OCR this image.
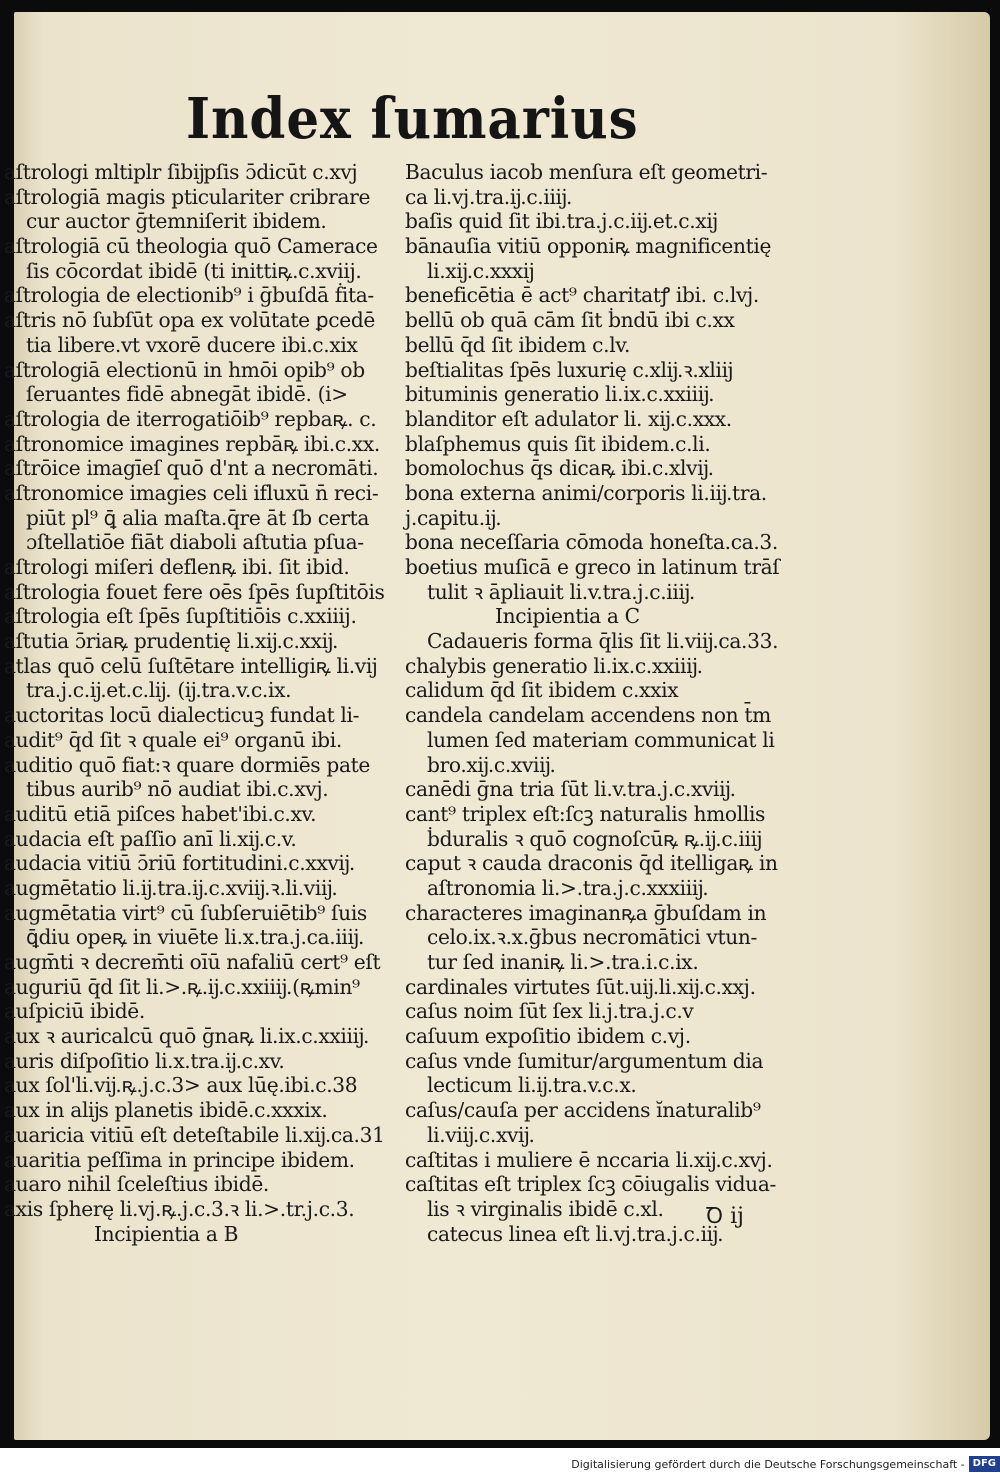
Index ſumarius
aſtrologi mltiplr ſibĳpſis ɔ̄dicūt c.xvj
aſtrologiā magis pticulariter cribrare
cur auctor ḡtemniſerit ibidem.
aſtrologiā cū theologia quō Camerace
ſis cōcordat ibidē (ti inittiꝶ.c.xviij.
aſtrologia de electionib⁹ i ḡbuſdā ḟita-
aſtris nō ſubſūt opa ex volūtate ꝑcedē
tia libere.vt vxorē ducere ibi.c.xix
aſtrologiā electionū in hmōi opib⁹ ob
ſeruantes fidē abnegāt ibidē. (i>
aſtrologia de iterrogatiōib⁹ repbaꝶ. c.
aſtronomice imagines repbāꝶ ibi.c.xx.
aſtrōice imagīeſ quō d'nt a necromāti.
aſtronomice imagies celi ifluxū n̄ reci-
piūt pl⁹ ꝗ̄ alia maſta.q̄re āt ſb certa
ɔſtellatiōe fiāt diaboli aſtutia pſua-
aſtrologi miſeri deflenꝶ ibi. ſit ibid.
aſtrologia fouet fere oēs ſpēs ſupſtitōis
aſtrologia eſt ſpēs ſupſtitiōis c.xxiiij.
aſtutia ɔ̄riaꝶ prudentię li.xĳ.c.xxĳ.
atlas quō celū ſuſtētare intelligiꝶ li.vĳ
tra.j.c.ĳ.et.c.lĳ. (ĳ.tra.v.c.ix.
auctoritas locū dialecticuꝫ fundat li-
audit⁹ q̄d ſit ꝛ quale ei⁹ organū ibi.
auditio quō fiat:ꝛ quare dormiēs pate
tibus aurib⁹ nō audiat ibi.c.xvj.
auditū etiā piſces habet'ibi.c.xv.
audacia eſt paſſio anī li.xĳ.c.v.
audacia vitiū ɔ̄riū fortitudini.c.xxvĳ.
augmētatio li.ĳ.tra.ĳ.c.xviĳ.ꝛ.li.viĳ.
augmētatia virt⁹ cū ſubſeruiētib⁹ ſuis
ꝗ̄diu opeꝶ in viuēte li.x.tra.j.ca.iiĳ.
augm̄ti ꝛ decrem̄ti oīū nafaliū cert⁹ eſt
auguriū q̄d ſit li.>.ꝶ.ĳ.c.xxiiĳ.(ꝶmin⁹
auſpiciū ibidē.
aux ꝛ auricalcū quō ḡnaꝶ li.ix.c.xxiiĳ.
auris diſpoſitio li.x.tra.ĳ.c.xv.
aux ſol'li.vĳ.ꝶ.j.c.3> aux lūę.ibi.c.38
aux in alĳs planetis ibidē.c.xxxix.
auaricia vitiū eſt deteſtabile li.xĳ.ca.31
auaritia peſſima in principe ibidem.
auaro nihil ſceleſtius ibidē.
axis ſpherę li.vj.ꝶ.j.c.3.ꝛ li.>.tr.j.c.3.
Incipientia a B
Baculus iacob menſura eſt geometri-
ca li.vj.tra.ĳ.c.iiĳ.
baſis quid ſit ibi.tra.j.c.iĳ.et.c.xĳ
bānauſia vitiū opponiꝶ magnificentię
li.xĳ.c.xxxĳ
beneficētia ē act⁹ charitatꝭ ibi. c.lvj.
bellū ob quā cām ſit ḃndū ibi c.xx
bellū q̄d ſit ibidem c.lv.
beſtialitas ſpēs luxurię c.xlĳ.ꝛ.xliĳ
bituminis generatio li.ix.c.xxiiĳ.
blanditor eſt adulator li. xĳ.c.xxx.
blaſphemus quis ſit ibidem.c.li.
bomolochus q̄s dicaꝶ ibi.c.xlvĳ.
bona externa animi/corporis li.iĳ.tra.
j.capitu.ĳ.
bona neceſſaria cōmoda honeſta.ca.3.
boetius muſicā e greco in latinum trāſ
tulit ꝛ āpliauit li.v.tra.j.c.iiĳ.
Incipientia a C
Cadaueris forma q̄lis ſit li.viĳ.ca.33.
chalybis generatio li.ix.c.xxiiĳ.
calidum q̄d ſit ibidem c.xxix
candela candelam accendens non t̄m
lumen ſed materiam communicat li
bro.xĳ.c.xviĳ.
canēdi ḡna tria ſūt li.v.tra.j.c.xviĳ.
cant⁹ triplex eſt:ſcꝫ naturalis hmollis
ḃduralis ꝛ quō cognoſcūꝶ ꝶ.ĳ.c.iiĳ
caput ꝛ cauda draconis q̄d itelligaꝶ in
aſtronomia li.>.tra.j.c.xxxiiĳ.
characteres imaginanꝶa ḡbuſdam in
celo.ix.ꝛ.x.ḡbus necromātici vtun-
tur ſed inaniꝶ li.>.tra.i.c.ix.
cardinales virtutes ſūt.uĳ.li.xĳ.c.xxj.
caſus noim ſūt ſex li.j.tra.j.c.v
caſuum expoſitio ibidem c.vj.
caſus vnde ſumitur/argumentum dia
lecticum li.ĳ.tra.v.c.x.
caſus/cauſa per accidens ĭnaturalib⁹
li.viĳ.c.xvĳ.
caſtitas i muliere ē nccaria li.xĳ.c.xvj.
caſtitas eſt triplex ſcꝫ cōiugalis vidua-
lis ꝛ virginalis ibidē c.xl.
catecus linea eſt li.vj.tra.j.c.iĳ.
Ꝺ ij
Digitalisierung gefördert durch die Deutsche Forschungsgemeinschaft - DFG
